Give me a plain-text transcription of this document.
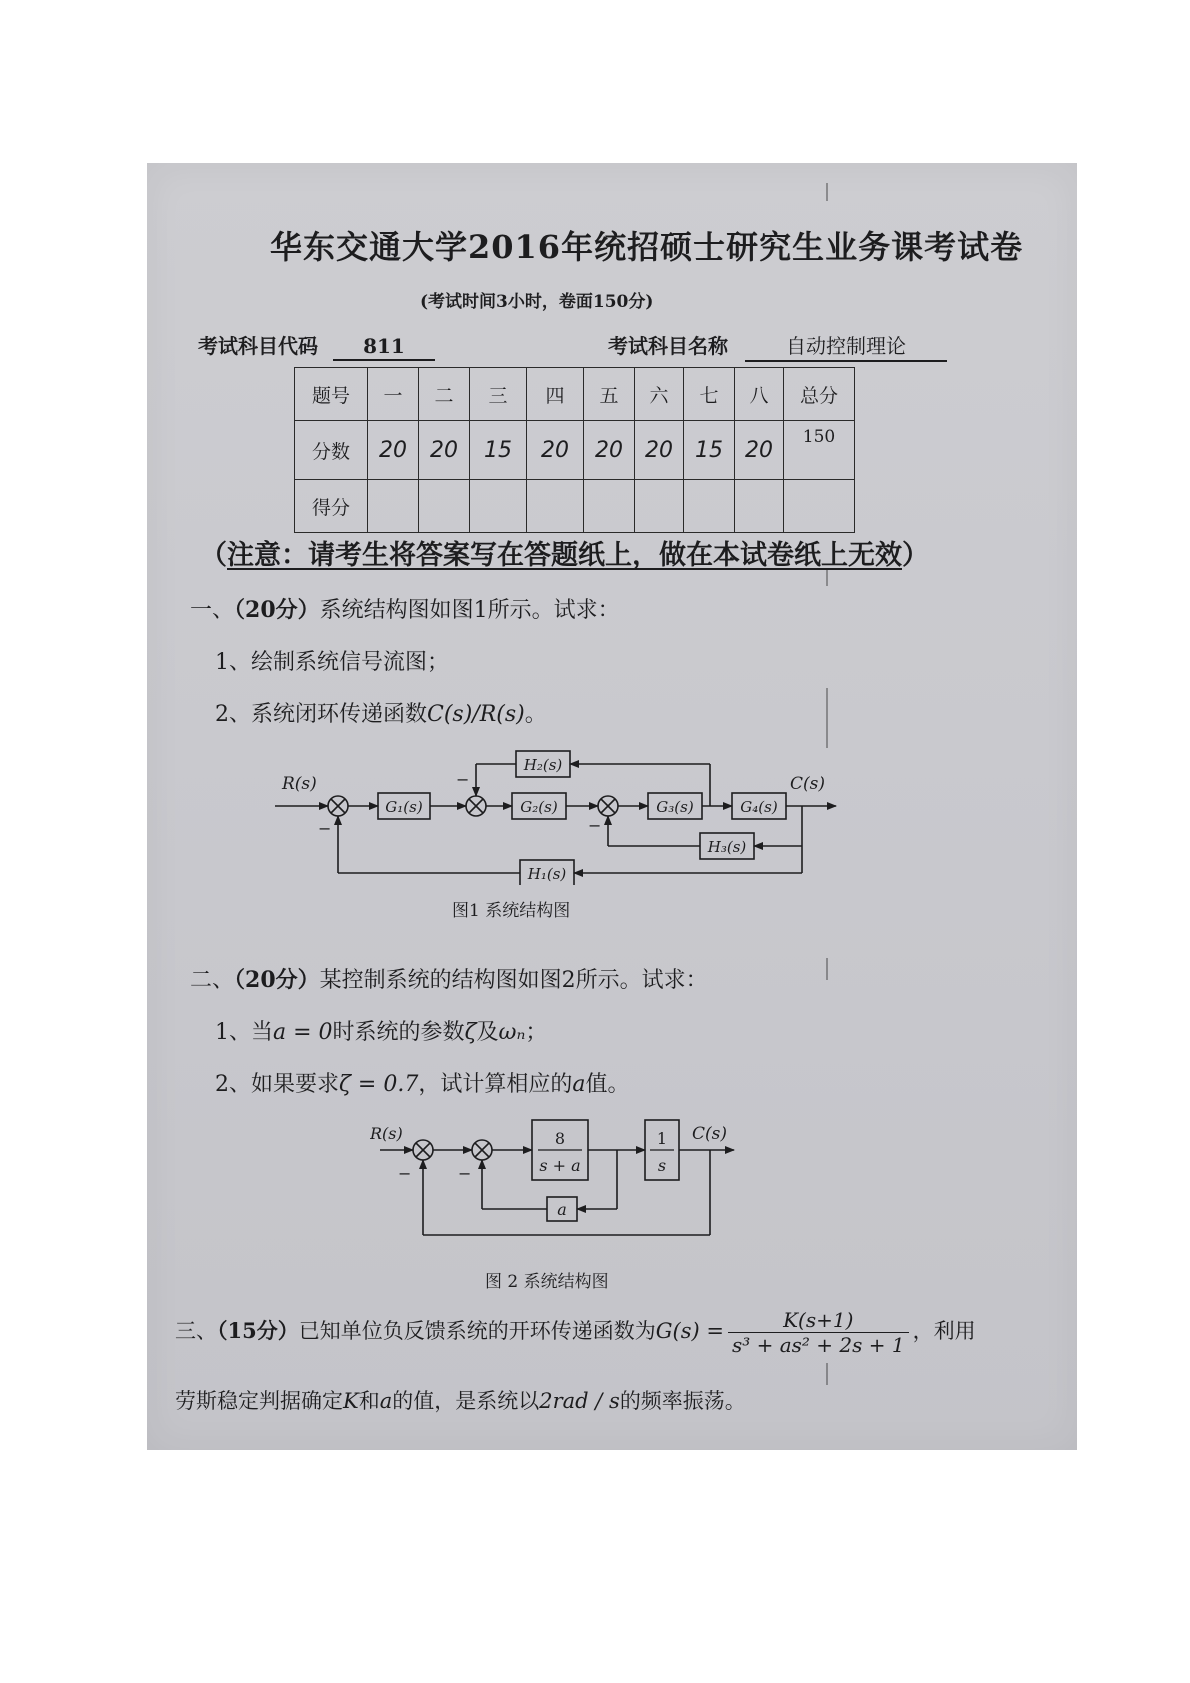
华东交通大学2016年统招硕士研究生业务课考试卷
(考试时间3小时，卷面150分)
考试科目代码 811	考试科目名称	自动控制理论
题号	一	二	三	四	五	六	七	八	总分
分数	20	20	15	20	20	20	15	20	150
得分									
（注意：请考生将答案写在答题纸上，做在本试卷纸上无效）
一、（20分）系统结构图如图1所示。试求：
1、绘制系统信号流图；
2、系统闭环传递函数C(s)/R(s)。
R(s)	C(s)
G₁(s)	G₂(s)	G₃(s)	G₄(s)
H₂(s)
H₃(s)
H₁(s)
−
−
−
图1 系统结构图
二、（20分）某控制系统的结构图如图2所示。试求：
1、当a = 0时系统的参数ζ及ωₙ；
2、如果要求ζ = 0.7，试计算相应的a值。
R(s)	C(s)
8
s + a
1
s
a
−	−
图 2 系统结构图
三、（15分）已知单位负反馈系统的开环传递函数为$G(s) = \frac{K(s+1)}{\text{s³ + as² + 2s + 1}}$ ，利用
劳斯稳定判据确定K和a的值，是系统以2rad / s的频率振荡。
